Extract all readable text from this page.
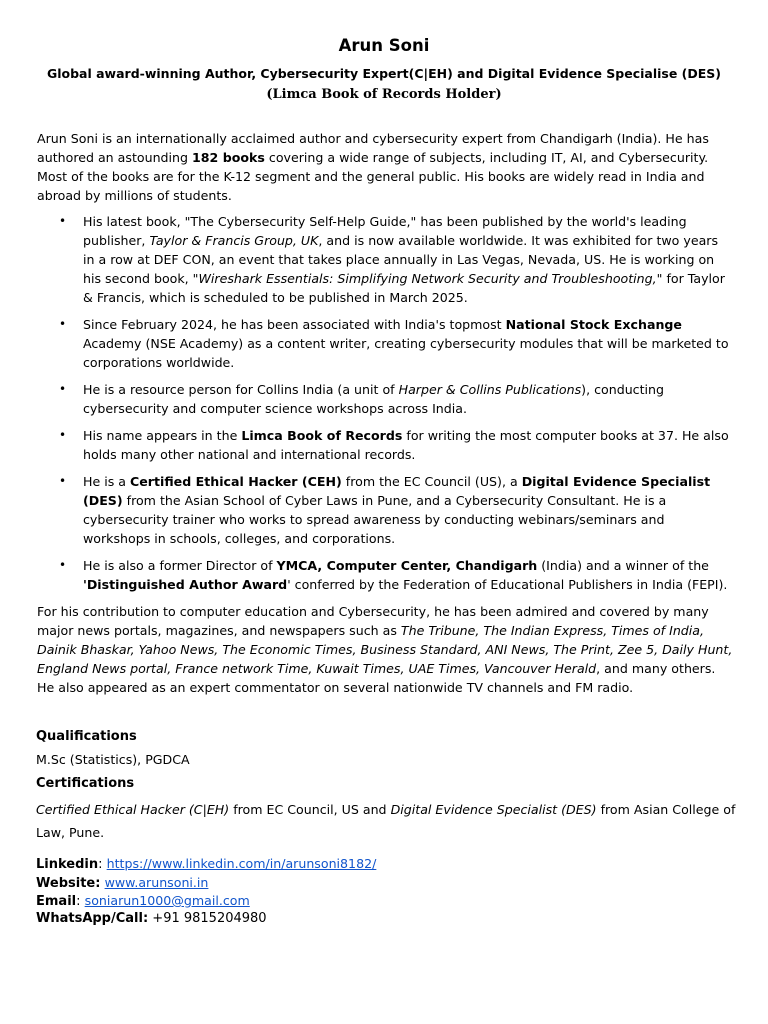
Arun Soni
Global award-winning Author, Cybersecurity Expert(C|EH) and Digital Evidence Specialise (DES)
(Limca Book of Records Holder)
Arun Soni is an internationally acclaimed author and cybersecurity expert from Chandigarh (India). He has authored an astounding 182 books covering a wide range of subjects, including IT, AI, and Cybersecurity. Most of the books are for the K-12 segment and the general public. His books are widely read in India and abroad by millions of students.
• His latest book, "The Cybersecurity Self-Help Guide," has been published by the world's leading publisher, Taylor & Francis Group, UK, and is now available worldwide. It was exhibited for two years in a row at DEF CON, an event that takes place annually in Las Vegas, Nevada, US. He is working on his second book, "Wireshark Essentials: Simplifying Network Security and Troubleshooting," for Taylor & Francis, which is scheduled to be published in March 2025.
• Since February 2024, he has been associated with India's topmost National Stock Exchange Academy (NSE Academy) as a content writer, creating cybersecurity modules that will be marketed to corporations worldwide.
• He is a resource person for Collins India (a unit of Harper & Collins Publications), conducting cybersecurity and computer science workshops across India.
• His name appears in the Limca Book of Records for writing the most computer books at 37. He also holds many other national and international records.
• He is a Certified Ethical Hacker (CEH) from the EC Council (US), a Digital Evidence Specialist (DES) from the Asian School of Cyber Laws in Pune, and a Cybersecurity Consultant. He is a cybersecurity trainer who works to spread awareness by conducting webinars/seminars and workshops in schools, colleges, and corporations.
• He is also a former Director of YMCA, Computer Center, Chandigarh (India) and a winner of the 'Distinguished Author Award' conferred by the Federation of Educational Publishers in India (FEPI).
For his contribution to computer education and Cybersecurity, he has been admired and covered by many major news portals, magazines, and newspapers such as The Tribune, The Indian Express, Times of India, Dainik Bhaskar, Yahoo News, The Economic Times, Business Standard, ANI News, The Print, Zee 5, Daily Hunt, England News portal, France network Time, Kuwait Times, UAE Times, Vancouver Herald, and many others. He also appeared as an expert commentator on several nationwide TV channels and FM radio.
Qualifications
M.Sc (Statistics), PGDCA
Certifications
Certified Ethical Hacker (C|EH) from EC Council, US and Digital Evidence Specialist (DES) from Asian College of Law, Pune.
Linkedin: https://www.linkedin.com/in/arunsoni8182/
Website: www.arunsoni.in
Email: soniarun1000@gmail.com
WhatsApp/Call: +91 9815204980
